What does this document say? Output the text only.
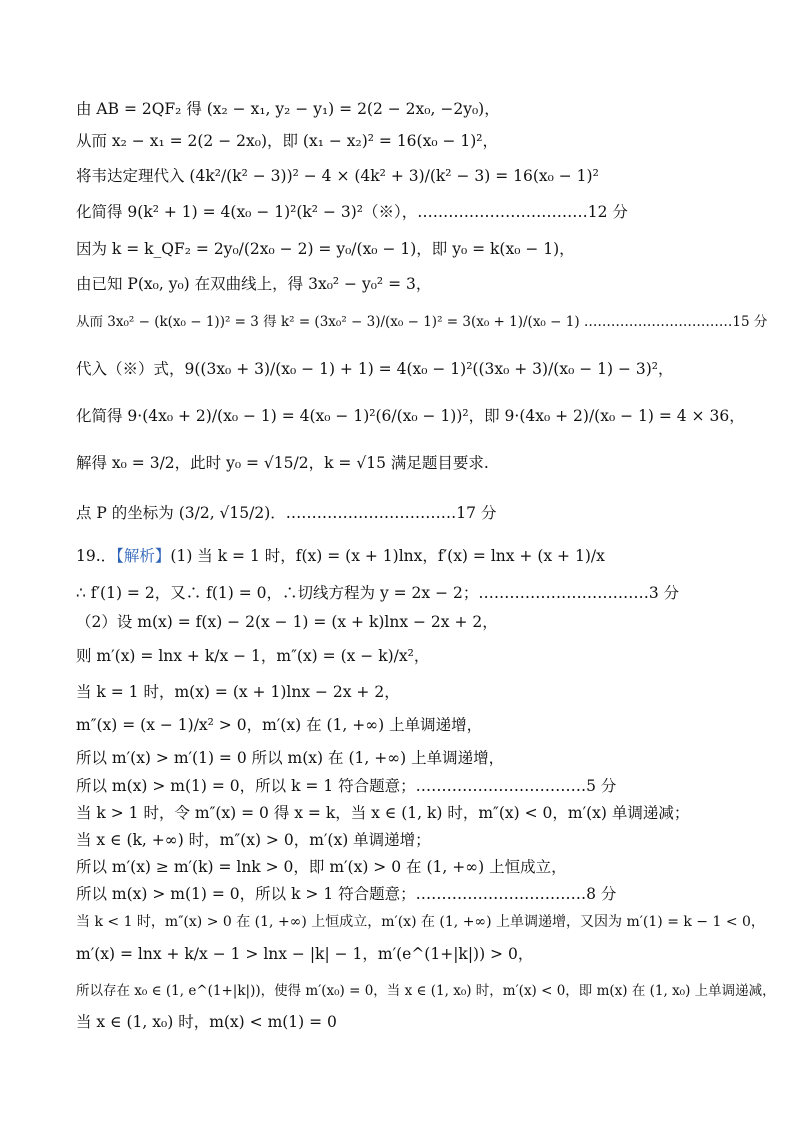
由 AB = 2QF₂ 得 (x₂ − x₁, y₂ − y₁) = 2(2 − 2x₀, −2y₀)，
从而 x₂ − x₁ = 2(2 − 2x₀)，即 (x₁ − x₂)² = 16(x₀ − 1)²，
将韦达定理代入 (4k²/(k² − 3))² − 4 × (4k² + 3)/(k² − 3) = 16(x₀ − 1)²
化简得 9(k² + 1) = 4(x₀ − 1)²(k² − 3)²（※），……………………………12 分
因为 k = k_QF₂ = 2y₀/(2x₀ − 2) = y₀/(x₀ − 1)，即 y₀ = k(x₀ − 1)，
由已知 P(x₀, y₀) 在双曲线上，得 3x₀² − y₀² = 3，
从而 3x₀² − (k(x₀ − 1))² = 3 得 k² = (3x₀² − 3)/(x₀ − 1)² = 3(x₀ + 1)/(x₀ − 1) ……………………………15 分
代入（※）式，9((3x₀ + 3)/(x₀ − 1) + 1) = 4(x₀ − 1)²((3x₀ + 3)/(x₀ − 1) − 3)²，
化简得 9·(4x₀ + 2)/(x₀ − 1) = 4(x₀ − 1)²(6/(x₀ − 1))²，即 9·(4x₀ + 2)/(x₀ − 1) = 4 × 36，
解得 x₀ = 3/2，此时 y₀ = √15/2，k = √15 满足题目要求.
点 P 的坐标为 (3/2, √15/2)．……………………………17 分
19.．【解析】(1) 当 k = 1 时，f(x) = (x + 1)lnx，f′(x) = lnx + (x + 1)/x
∴ f′(1) = 2，又∴ f(1) = 0，∴切线方程为 y = 2x − 2；……………………………3 分
（2）设 m(x) = f(x) − 2(x − 1) = (x + k)lnx − 2x + 2，
则 m′(x) = lnx + k/x − 1，m″(x) = (x − k)/x²，
当 k = 1 时，m(x) = (x + 1)lnx − 2x + 2，
m″(x) = (x − 1)/x² > 0，m′(x) 在 (1, +∞) 上单调递增，
所以 m′(x) > m′(1) = 0 所以 m(x) 在 (1, +∞) 上单调递增，
所以 m(x) > m(1) = 0，所以 k = 1 符合题意；……………………………5 分
当 k > 1 时，令 m″(x) = 0 得 x = k，当 x ∈ (1, k) 时，m″(x) < 0，m′(x) 单调递减；
当 x ∈ (k, +∞) 时，m″(x) > 0，m′(x) 单调递增；
所以 m′(x) ≥ m′(k) = lnk > 0，即 m′(x) > 0 在 (1, +∞) 上恒成立，
所以 m(x) > m(1) = 0，所以 k > 1 符合题意；……………………………8 分
当 k < 1 时，m″(x) > 0 在 (1, +∞) 上恒成立，m′(x) 在 (1, +∞) 上单调递增，又因为 m′(1) = k − 1 < 0，
m′(x) = lnx + k/x − 1 > lnx − |k| − 1，m′(e^(1+|k|)) > 0，
所以存在 x₀ ∈ (1, e^(1+|k|))，使得 m′(x₀) = 0，当 x ∈ (1, x₀) 时，m′(x) < 0，即 m(x) 在 (1, x₀) 上单调递减，
当 x ∈ (1, x₀) 时，m(x) < m(1) = 0
